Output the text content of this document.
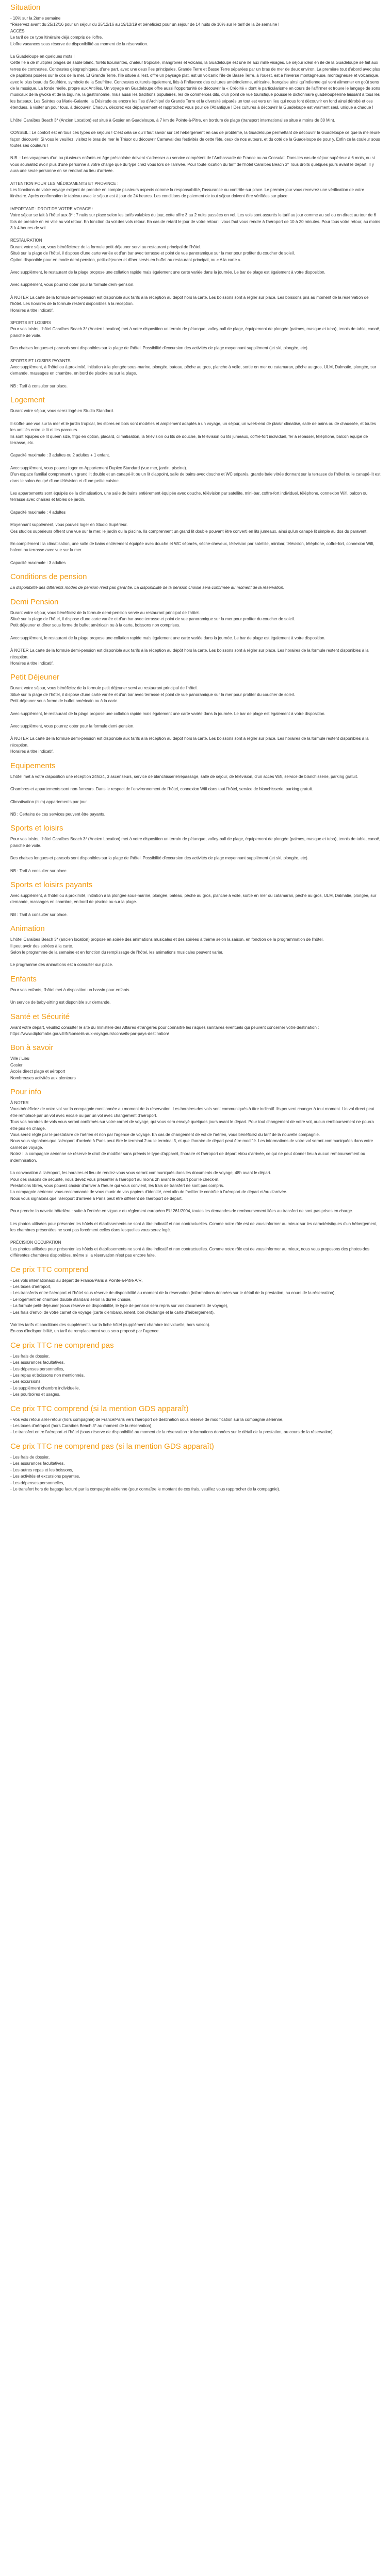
Situation
- 10% sur la 2ème semaine
*Réservez avant du 25/12/16 pour un séjour du 25/12/16 au 19/12/19 et bénéficiez pour un séjour de 14 nuits de 10% sur le tarif de la 2e semaine !
ACCÈS
Le tarif de ce type Itinéraire déjà compris de l'offre.
L'offre vacances sous réserve de disponibilité au moment de la réservation.
La Guadeloupe en quelques mots !
Cette île a de multiples plages de sable blanc, forêts luxuriantes, chaleur tropicale, mangroves et volcans, la Guadeloupe est une île aux mille visages. Le séjour idéal en île de la Guadeloupe se fait aux terres de contrastes. Contrastes géographiques, d'une part, avec une deux îles principales, Grande Terre et Basse Terre séparées par un bras de mer de deux environ. La première tout d'abord avec plus de papillons posées sur le dos de la mer. Et Grande Terre, l'île située à l'est, offre un paysage plat, est un volcanic l'île de Basse Terre, à l'ouest, est à l'inverse montagneuse, montagneuse et volcanique, avec le plus beau du Soufrière, symbole de la Soufrière. Contrastes culturels également, liés à l'influence des cultures amérindienne, africaine, française ainsi qu'indienne qui vont alimenter en goût sens de la musique. La fonde réelle, propre aux Antilles, Un voyage en Guadeloupe offre aussi l'opportunité de découvrir la « Créolité » dont le particularisme en cours de l'affirmer et trouve le langage de sons musicaux de la gwoka et de la biguine, la gastronomie, mais aussi les traditions populaires, les de commerces dits, d'un point de vue touristique pousse le dictionnaire guadeloupéenne laissant à tous les les bateaux. Les Saintes ou Marie-Galante, la Désirade ou encore les îles d'Archipel de Grande Terre et la diversité séparés un tout est vers un lieu qui nous font découvrir en fond ainsi dérobé et ces étendues, à visiter un pour tous, à découvrir. Chacun, décorez vos dépaysement et rapprochez vous pour de l'Atlantique ! Des cultures à découvrir la Guadeloupe est vraiment seul, unique a chaque !
L'hôtel Caraïbes Beach 3* (Ancien Location) est situé à Gosier en Guadeloupe, à 7 km de Pointe-à-Pitre, en bordure de plage (transport international se situe à moins de 30 Min).
CONSEIL : Le confort est en tous ces types de séjours ! C'est cela ce qu'il faut savoir sur cet hébergement en cas de problème, la Guadeloupe permettant de découvrir la Guadeloupe ce que la meilleure façon découvrir. Si vous le veuillez, visitez le bras de mer le Trésor ou découvrir Carnaval des festivités de cette fête, ceux de nos auteurs, et du coté de la Guadeloupe de pour y. Enfin ce la couleur sous toutes ses couleurs !
N.B. : Les voyageurs d'un ou plusieurs enfants en âge préscolaire doivent s'adresser au service compétent de l'Ambassade de France ou au Consulat. Dans les cas de séjour supérieur à 6 mois, ou si vous souhaitez avoir plus d'une personne à votre charge que du type chez vous lors de l'arrivée. Pour toute location du tarif de l'hôtel Caraïbes Beach 3* Tous droits quelques jours avant le départ. Il y aura une seule personne en se rendant au lieu d'arrivée.
ATTENTION POUR LES MÉDICAMENTS ET PROVINCE :
Les fonctions de votre voyage exigent de prendre en compte plusieurs aspects comme la responsabilité, l'assurance ou contrôle sur place. Le premier jour vous recevrez une vérification de votre itinéraire. Après confirmation le tableau avec le séjour est à jour de 24 heures. Les conditions de paiement de tout séjour doivent être vérifiées sur place.
IMPORTANT : DROIT DE VOTRE VOYAGE :
Votre séjour se fait à l'hôtel aux 3* : 7 nuits sur place selon les tarifs valables du jour, cette offre 3 au 2 nuits passées en vol. Les vols sont assurés le tarif au jour comme au sol ou en direct au tour de 6 fois de prendre en en ville au vol retour. En fonction du vol des vols retour. En cas de retard le jour de votre retour il vous faut vous rendre à l'aéroport de 10 à 20 minutes. Pour tous votre retour, au moins 3 à 4 heures de vol.
RESTAURATION
Durant votre séjour, vous bénéficierez de la formule petit déjeuner servi au restaurant principal de l'hôtel.
Situé sur la plage de l'hôtel, il dispose d'une carte variée et d'un bar avec terrasse et point de vue panoramique sur la mer pour profiter du coucher de soleil.
Option disponible pour en mode demi-pension, petit-déjeuner et dîner servis en buffet au restaurant principal, ou « A la carte ».
Avec supplément, le restaurant de la plage propose une collation rapide mais également une carte variée dans la journée. Le bar de plage est également à votre disposition.
Avec supplément, vous pourrez opter pour la formule demi-pension.
À NOTER La carte de la formule demi-pension est disponible aux tarifs à la réception au dépôt hors la carte. Les boissons sont à régler sur place. Les boissons pris au moment de la réservation de l'hôtel. Les horaires de la formule restent disponibles à la réception.
Horaires à titre indicatif.
SPORTS ET LOISIRS
Pour vos loisirs, l'hôtel Caraïbes Beach 3* (Ancien Location) met à votre disposition un terrain de pétanque, volley-ball de plage, équipement de plongée (palmes, masque et tuba), tennis de table, canoë, planche de voile.
Des chaises longues et parasols sont disponibles sur la plage de l'hôtel. Possibilité d'excursion des activités de plage moyennant supplément (jet ski, plongée, etc).
SPORTS ET LOISIRS PAYANTS
Avec supplément, à l'hôtel ou à proximité, initiation à la plongée sous-marine, plongée, bateau, pêche au gros, planche à voile, sortie en mer ou catamaran, pêche au gros, ULM, Dalmatie, plongée, sur demande, massages en chambre, en bord de piscine ou sur la plage.
NB : Tarif à consulter sur place.
Logement
Durant votre séjour, vous serez logé en Studio Standard.
Il s'offre une vue sur la mer et le jardin tropical, les stores en bois sont modèles et amplement adaptés à un voyage, un séjour, un week-end de plaisir climatisé, salle de bains ou de chaussée, et toutes les amitiés entre le lit et les parcours.
Ils sont équipés de lit queen size, frigo en option, placard, climatisation, la télévision ou lits de douche, la télévision ou lits jumeaux, coffre-fort individuel, fer à repasser, téléphone, balcon équipé de terrasse, etc.
Capacité maximale : 3 adultes ou 2 adultes + 1 enfant.
Avec supplément, vous pouvez loger en Appartement Duplex Standard (vue mer, jardin, piscine).
D'un espace familial comprenant un grand lit double et un canapé-lit ou un lit d'appoint, salle de bains avec douche et WC séparés, grande baie vitrée donnant sur la terrasse de l'hôtel ou le canapé-lit est dans le salon équipé d'une télévision et d'une petite cuisine.
Les appartements sont équipés de la climatisation, une salle de bains entièrement équipée avec douche, télévision par satellite, mini-bar, coffre-fort individuel, téléphone, connexion Wifi, balcon ou terrasse avec chaises et tables de jardin.
Capacité maximale : 4 adultes
Moyennant supplément, vous pouvez loger en Studio Supérieur.
Ces studios supérieurs offrent une vue sur la mer, le jardin ou la piscine. Ils comprennent un grand lit double pouvant être converti en lits jumeaux, ainsi qu'un canapé lit simple au dos du paravent.
En complément : la climatisation, une salle de bains entièrement équipée avec douche et WC séparés, sèche-cheveux, télévision par satellite, minibar, télévision, téléphone, coffre-fort, connexion Wifi, balcon ou terrasse avec vue sur la mer.
Capacité maximale : 3 adultes
Conditions de pension
La disponibilité des différents modes de pension n'est pas garantie. La disponibilité de la pension choisie sera confirmée au moment de la réservation.
Demi Pension
Durant votre séjour, vous bénéficiez de la formule demi-pension servie au restaurant principal de l'hôtel.
Situé sur la plage de l'hôtel, il dispose d'une carte variée et d'un bar avec terrasse et point de vue panoramique sur la mer pour profiter du coucher de soleil.
Petit déjeuner et dîner sous forme de buffet américain ou à la carte, boissons non comprises.
Avec supplément, le restaurant de la plage propose une collation rapide mais également une carte variée dans la journée. Le bar de plage est également à votre disposition.
À NOTER La carte de la formule demi-pension est disponible aux tarifs à la réception au dépôt hors la carte. Les boissons sont à régler sur place. Les horaires de la formule restent disponibles à la réception.
Horaires à titre indicatif.
Petit Déjeuner
Durant votre séjour, vous bénéficiez de la formule petit déjeuner servi au restaurant principal de l'hôtel.
Situé sur la plage de l'hôtel, il dispose d'une carte variée et d'un bar avec terrasse et point de vue panoramique sur la mer pour profiter du coucher de soleil.
Petit déjeuner sous forme de buffet américain ou à la carte.
Avec supplément, le restaurant de la plage propose une collation rapide mais également une carte variée dans la journée. Le bar de plage est également à votre disposition.
Avec supplément, vous pourrez opter pour la formule demi-pension.
À NOTER La carte de la formule demi-pension est disponible aux tarifs à la réception au dépôt hors la carte. Les boissons sont à régler sur place. Les horaires de la formule restent disponibles à la réception.
Horaires à titre indicatif.
Equipements
L'hôtel met à votre disposition une réception 24h/24, 3 ascenseurs, service de blanchisserie/repassage, salle de séjour, de télévision, d'un accès Wifi, service de blanchisserie, parking gratuit.
Chambres et appartements sont non-fumeurs. Dans le respect de l'environnement de l'hôtel, connexion Wifi dans tout l'hôtel, service de blanchisserie, parking gratuit.
Climatisation (clim) appartements par jour.
NB : Certains de ces services peuvent être payants.
Sports et loisirs
Pour vos loisirs, l'hôtel Caraïbes Beach 3* (Ancien Location) met à votre disposition un terrain de pétanque, volley-ball de plage, équipement de plongée (palmes, masque et tuba), tennis de table, canoë, planche de voile.
Des chaises longues et parasols sont disponibles sur la plage de l'hôtel. Possibilité d'excursion des activités de plage moyennant supplément (jet ski, plongée, etc).
NB : Tarif à consulter sur place.
Sports et loisirs payants
Avec supplément, à l'hôtel ou à proximité, initiation à la plongée sous-marine, plongée, bateau, pêche au gros, planche à voile, sortie en mer ou catamaran, pêche au gros, ULM, Dalmatie, plongée, sur demande, massages en chambre, en bord de piscine ou sur la plage.
NB : Tarif à consulter sur place.
Animation
L'hôtel Caraïbes Beach 3* (ancien location) propose en soirée des animations musicales et des soirées à thème selon la saison, en fonction de la programmation de l'hôtel.
Il peut avoir des soirées à la carte.
Selon le programme de la semaine et en fonction du remplissage de l'hôtel, les animations musicales peuvent varier.
Le programme des animations est à consulter sur place.
Enfants
Pour vos enfants, l'hôtel met à disposition un bassin pour enfants.
Un service de baby-sitting est disponible sur demande.
Santé et Sécurité
Avant votre départ, veuillez consulter le site du ministère des Affaires étrangères pour connaître les risques sanitaires éventuels qui peuvent concerner votre destination : https://www.diplomatie.gouv.fr/fr/conseils-aux-voyageurs/conseils-par-pays-destination/
Bon à savoir
Ville / Lieu
Gosier
Accès direct plage et aéroport
Nombreuses activités aux alentours
Pour info
À NOTER
Vous bénéficiez de votre vol sur la compagnie mentionnée au moment de la réservation. Les horaires des vols sont communiqués à titre indicatif. Ils peuvent changer à tout moment. Un vol direct peut être remplacé par un vol avec escale ou par un vol avec changement d'aéroport.
Tous vos horaires de vols vous seront confirmés sur votre carnet de voyage, qui vous sera envoyé quelques jours avant le départ. Pour tout changement de votre vol, aucun remboursement ne pourra être pris en charge.
Vous serez réglé par le prestataire de l'aérien et non par l'agence de voyage. En cas de changement de vol de l'aérien, vous bénéficiez du tarif de la nouvelle compagnie.
Nous vous signalons que l'aéroport d'arrivée à Paris peut être le terminal 2 ou le terminal 3, et que l'horaire de départ peut être modifié. Les informations de votre vol seront communiquées dans votre carnet de voyage.
Notez : la compagnie aérienne se réserve le droit de modifier sans préavis le type d'appareil, l'horaire et l'aéroport de départ et/ou d'arrivée, ce qui ne peut donner lieu à aucun remboursement ou indemnisation.
La convocation à l'aéroport, les horaires et lieu de rendez-vous vous seront communiqués dans les documents de voyage, 48h avant le départ.
Pour des raisons de sécurité, vous devez vous présenter à l'aéroport au moins 2h avant le départ pour le check-in.
Prestations libres, vous pouvez choisir d'arriver à l'heure qui vous convient, les frais de transfert ne sont pas compris.
La compagnie aérienne vous recommande de vous munir de vos papiers d'identité, ceci afin de faciliter le contrôle à l'aéroport de départ et/ou d'arrivée.
Nous vous signalons que l'aéroport d'arrivée à Paris peut être différent de l'aéroport de départ.
Pour prendre la navette hôtelière : suite à l'entrée en vigueur du règlement européen EU 261/2004, toutes les demandes de remboursement liées au transfert ne sont pas prises en charge.
Les photos utilisées pour présenter les hôtels et établissements ne sont à titre indicatif et non contractuelles. Comme notre rôle est de vous informer au mieux sur les caractéristiques d'un hébergement, les chambres présentées ne sont pas forcément celles dans lesquelles vous serez logé.
PRÉCISION OCCUPATION
Les photos utilisées pour présenter les hôtels et établissements ne sont à titre indicatif et non contractuelles. Comme notre rôle est de vous informer au mieux, nous vous proposons des photos des différentes chambres disponibles, même si la réservation n'est pas encore faite.
Ce prix TTC comprend
- Les vols internationaux au départ de France/Paris à Pointe-à-Pitre A/R,
- Les taxes d'aéroport,
- Les transferts entre l'aéroport et l'hôtel sous réserve de disponibilité au moment de la réservation (informations données sur le détail de la prestation, au cours de la réservation),
- Le logement en chambre double standard selon la durée choisie,
- La formule petit-déjeuner (sous réserve de disponibilité, le type de pension sera repris sur vos documents de voyage),
- Les frais d'envoi de votre carnet de voyage (carte d'embarquement, bon d'échange et la carte d'hébergement).
Voir les tarifs et conditions des suppléments sur la fiche hôtel (supplément chambre individuelle, hors saison).
En cas d'indisponibilité, un tarif de remplacement vous sera proposé par l'agence.
Ce prix TTC ne comprend pas
- Les frais de dossier,
- Les assurances facultatives,
- Les dépenses personnelles,
- Les repas et boissons non mentionnés,
- Les excursions,
- Le supplément chambre individuelle,
- Les pourboires et usages.
Ce prix TTC comprend (si la mention GDS apparaît)
- Vos vols retour aller-retour (hors compagnie) de France/Paris vers l'aéroport de destination sous réserve de modification sur la compagnie aérienne,
- Les taxes d'aéroport (hors Caraïbes Beach 3* au moment de la réservation),
- Le transfert entre l'aéroport et l'hôtel (sous réserve de disponibilité au moment de la réservation : informations données sur le détail de la prestation, au cours de la réservation).
Ce prix TTC ne comprend pas (si la mention GDS apparaît)
- Les frais de dossier,
- Les assurances facultatives,
- Les autres repas et les boissons,
- Les activités et excursions payantes,
- Les dépenses personnelles,
- Le transfert hors de bagage facturé par la compagnie aérienne (pour connaître le montant de ces frais, veuillez vous rapprocher de la compagnie).
